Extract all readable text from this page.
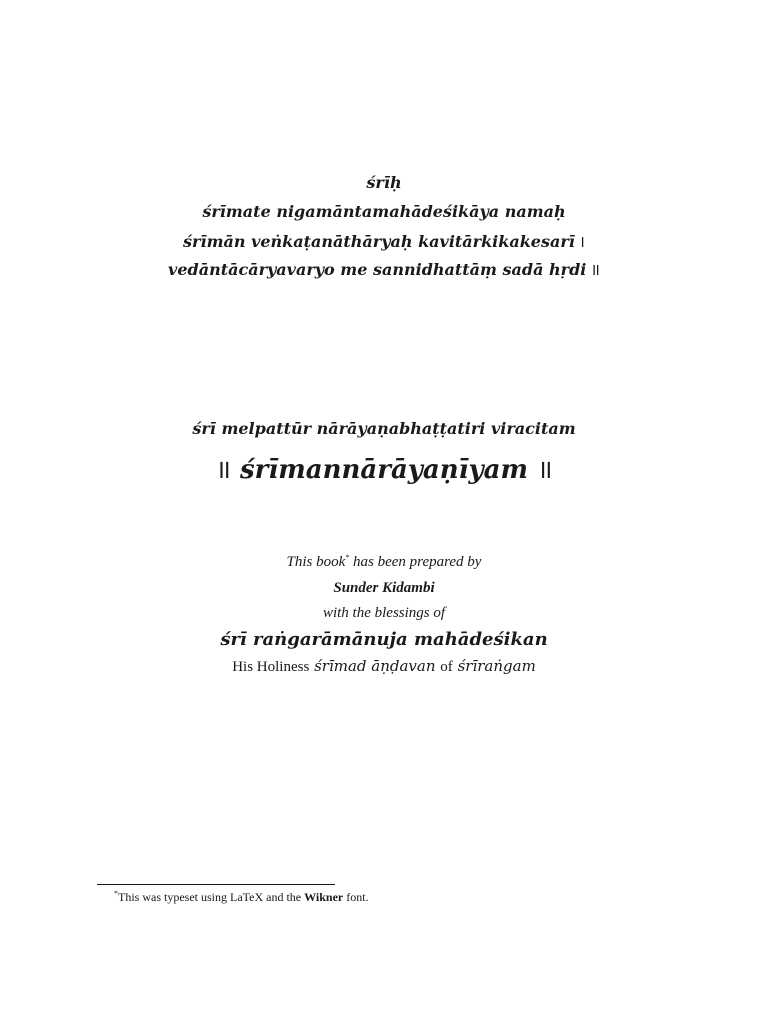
śrīḥ
śrīmate nigamāntamahādeśikāya namaḥ
śrīmān veṅkaṭanāthāryaḥ kavitārkikakesarī ।
vedāntācāryavaryo me sannidhattāṃ sadā hṛdi ॥
śrī melpattūr nārāyaṇabhaṭṭatiri viracitam
॥ śrīmannārāyaṇīyam ॥
This book* has been prepared by
Sunder Kidambi
with the blessings of
śrī raṅgarāmānuja mahādeśikan
His Holiness śrīmad āṇḍavan of śrīraṅgam
*This was typeset using LaTeX and the Wikner font.
